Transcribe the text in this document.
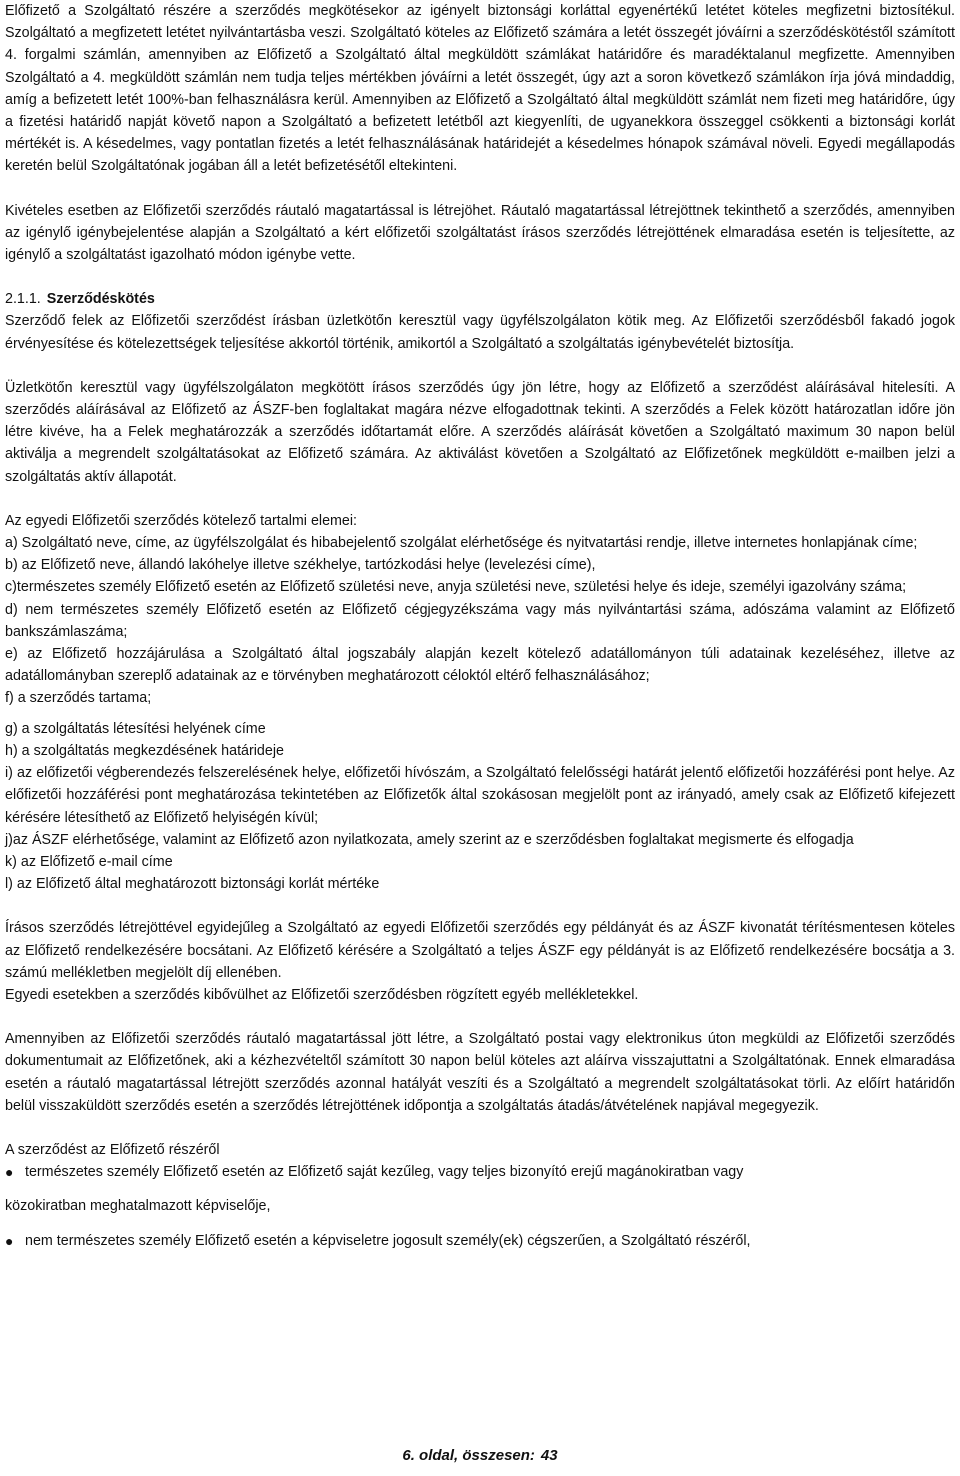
Előfizető a Szolgáltató részére a szerződés megkötésekor az igényelt biztonsági korláttal egyenértékű letétet köteles megfizetni biztosítékul. Szolgáltató a megfizetett letétet nyilvántartásba veszi. Szolgáltató köteles az Előfizető számára a letét összegét jóváírni a szerződéskötéstől számított 4. forgalmi számlán, amennyiben az Előfizető a Szolgáltató által megküldött számlákat határidőre és maradéktalanul megfizette. Amennyiben Szolgáltató a 4. megküldött számlán nem tudja teljes mértékben jóváírni a letét összegét, úgy azt a soron következő számlákon írja jóvá mindaddig, amíg a befizetett letét 100%-ban felhasználásra kerül. Amennyiben az Előfizető a Szolgáltató által megküldött számlát nem fizeti meg határidőre, úgy a fizetési határidő napját követő napon a Szolgáltató a befizetett letétből azt kiegyenlíti, de ugyanekkora összeggel csökkenti a biztonsági korlát mértékét is. A késedelmes, vagy pontatlan fizetés a letét felhasználásának határidejét a késedelmes hónapok számával növeli. Egyedi megállapodás keretén belül Szolgáltatónak jogában áll a letét befizetésétől eltekinteni.

Kivételes esetben az Előfizetői szerződés ráutaló magatartással is létrejöhet. Ráutaló magatartással létrejöttnek tekinthető a szerződés, amennyiben az igénylő igénybejelentése alapján a Szolgáltató a kért előfizetői szolgáltatást írásos szerződés létrejöttének elmaradása esetén is teljesítette, az igénylő a szolgáltatást igazolható módon igénybe vette.

2.1.1. Szerződéskötés

Szerződő felek az Előfizetői szerződést írásban üzletkötőn keresztül vagy ügyfélszolgálaton kötik meg. Az Előfizetői szerződésből fakadó jogok érvényesítése és kötelezettségek teljesítése akkortól történik, amikortól a Szolgáltató a szolgáltatás igénybevételét biztosítja.

Üzletkötőn keresztül vagy ügyfélszolgálaton megkötött írásos szerződés úgy jön létre, hogy az Előfizető a szerződést aláírásával hitelesíti. A szerződés aláírásával az Előfizető az ÁSZF-ben foglaltakat magára nézve elfogadottnak tekinti. A szerződés a Felek között határozatlan időre jön létre kivéve, ha a Felek meghatározzák a szerződés időtartamát előre. A szerződés aláírását követően a Szolgáltató maximum 30 napon belül aktiválja a megrendelt szolgáltatásokat az Előfizető számára. Az aktiválást követően a Szolgáltató az Előfizetőnek megküldött e-mailben jelzi a szolgáltatás aktív állapotát.

Az egyedi Előfizetői szerződés kötelező tartalmi elemei:

a) Szolgáltató neve, címe, az ügyfélszolgálat és hibabejelentő szolgálat elérhetősége és nyitvatartási rendje, illetve internetes honlapjának címe;

b) az Előfizető neve, állandó lakóhelye illetve székhelye, tartózkodási helye (levelezési címe),

c)természetes személy Előfizető esetén az Előfizető születési neve, anyja születési neve, születési helye és ideje, személyi igazolvány száma;

d) nem természetes személy Előfizető esetén az Előfizető cégjegyzékszáma vagy más nyilvántartási száma, adószáma valamint az Előfizető bankszámlaszáma;

e) az Előfizető hozzájárulása a Szolgáltató által jogszabály alapján kezelt kötelező adatállományon túli adatainak kezeléséhez, illetve az adatállományban szereplő adatainak az e törvényben meghatározott céloktól eltérő felhasználásához;

f) a szerződés tartama;

g) a szolgáltatás létesítési helyének címe

h) a szolgáltatás megkezdésének határideje

i) az előfizetői végberendezés felszerelésének helye, előfizetői hívószám, a Szolgáltató felelősségi határát jelentő előfizetői hozzáférési pont helye. Az előfizetői hozzáférési pont meghatározása tekintetében az Előfizetők által szokásosan megjelölt pont az irányadó, amely csak az Előfizető kifejezett kérésére létesíthető az Előfizető helyiségén kívül;

j)az ÁSZF elérhetősége, valamint az Előfizető azon nyilatkozata, amely szerint az e szerződésben foglaltakat megismerte és elfogadja

k) az Előfizető e-mail címe

l) az Előfizető által meghatározott biztonsági korlát mértéke

Írásos szerződés létrejöttével egyidejűleg a Szolgáltató az egyedi Előfizetői szerződés egy példányát és az ÁSZF kivonatát térítésmentesen köteles az Előfizető rendelkezésére bocsátani. Az Előfizető kérésére a Szolgáltató a teljes ÁSZF egy példányát is az Előfizető rendelkezésére bocsátja a 3. számú mellékletben megjelölt díj ellenében.

Egyedi esetekben a szerződés kibővülhet az Előfizetői szerződésben rögzített egyéb mellékletekkel.

Amennyiben az Előfizetői szerződés ráutaló magatartással jött létre, a Szolgáltató postai vagy elektronikus úton megküldi az Előfizetői szerződés dokumentumait az Előfizetőnek, aki a kézhezvételtől számított 30 napon belül köteles azt aláírva visszajuttatni a Szolgáltatónak. Ennek elmaradása esetén a ráutaló magatartással létrejött szerződés azonnal hatályát veszíti és a Szolgáltató a megrendelt szolgáltatásokat törli. Az előírt határidőn belül visszaküldött szerződés esetén a szerződés létrejöttének időpontja a szolgáltatás átadás/átvételének napjával megegyezik.

A szerződést az Előfizető részéről

● természetes személy Előfizető esetén az Előfizető saját kezűleg, vagy teljes bizonyító erejű magánokiratban vagy

közokiratban meghatalmazott képviselője,

● nem természetes személy Előfizető esetén a képviseletre jogosult személy(ek) cégszerűen, a Szolgáltató részéről,
6. oldal, összesen: 43
